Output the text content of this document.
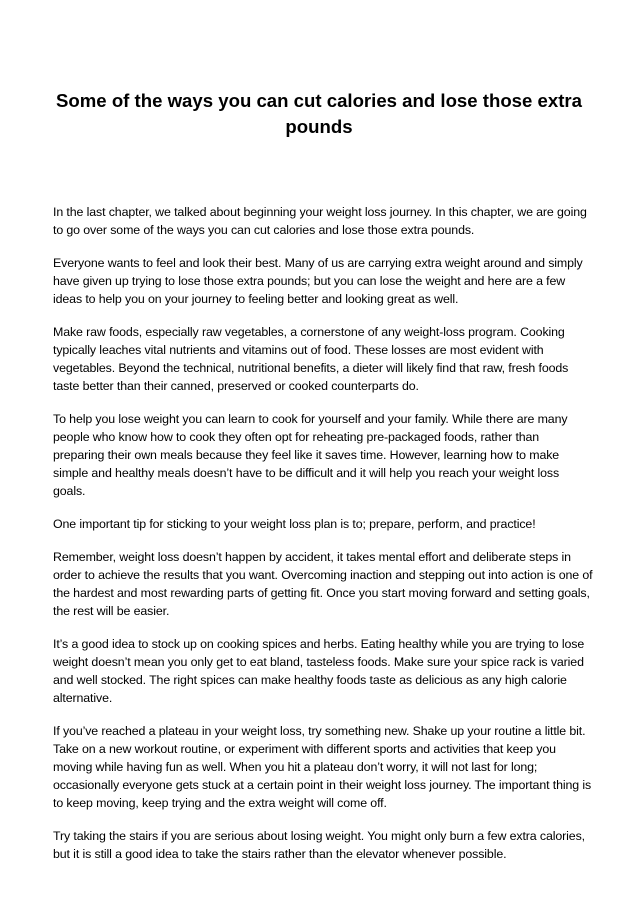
Some of the ways you can cut calories and lose those extra pounds

In the last chapter, we talked about beginning your weight loss journey. In this chapter, we are going to go over some of the ways you can cut calories and lose those extra pounds.

Everyone wants to feel and look their best. Many of us are carrying extra weight around and simply have given up trying to lose those extra pounds; but you can lose the weight and here are a few ideas to help you on your journey to feeling better and looking great as well.

Make raw foods, especially raw vegetables, a cornerstone of any weight-loss program. Cooking typically leaches vital nutrients and vitamins out of food. These losses are most evident with vegetables. Beyond the technical, nutritional benefits, a dieter will likely find that raw, fresh foods taste better than their canned, preserved or cooked counterparts do.

To help you lose weight you can learn to cook for yourself and your family. While there are many people who know how to cook they often opt for reheating pre-packaged foods, rather than preparing their own meals because they feel like it saves time. However, learning how to make simple and healthy meals doesn’t have to be difficult and it will help you reach your weight loss goals.

One important tip for sticking to your weight loss plan is to; prepare, perform, and practice!

Remember, weight loss doesn’t happen by accident, it takes mental effort and deliberate steps in order to achieve the results that you want. Overcoming inaction and stepping out into action is one of the hardest and most rewarding parts of getting fit. Once you start moving forward and setting goals, the rest will be easier.

It’s a good idea to stock up on cooking spices and herbs. Eating healthy while you are trying to lose weight doesn’t mean you only get to eat bland, tasteless foods. Make sure your spice rack is varied and well stocked. The right spices can make healthy foods taste as delicious as any high calorie alternative.

If you’ve reached a plateau in your weight loss, try something new. Shake up your routine a little bit. Take on a new workout routine, or experiment with different sports and activities that keep you moving while having fun as well. When you hit a plateau don’t worry, it will not last for long; occasionally everyone gets stuck at a certain point in their weight loss journey. The important thing is to keep moving, keep trying and the extra weight will come off.

Try taking the stairs if you are serious about losing weight. You might only burn a few extra calories, but it is still a good idea to take the stairs rather than the elevator whenever possible.
